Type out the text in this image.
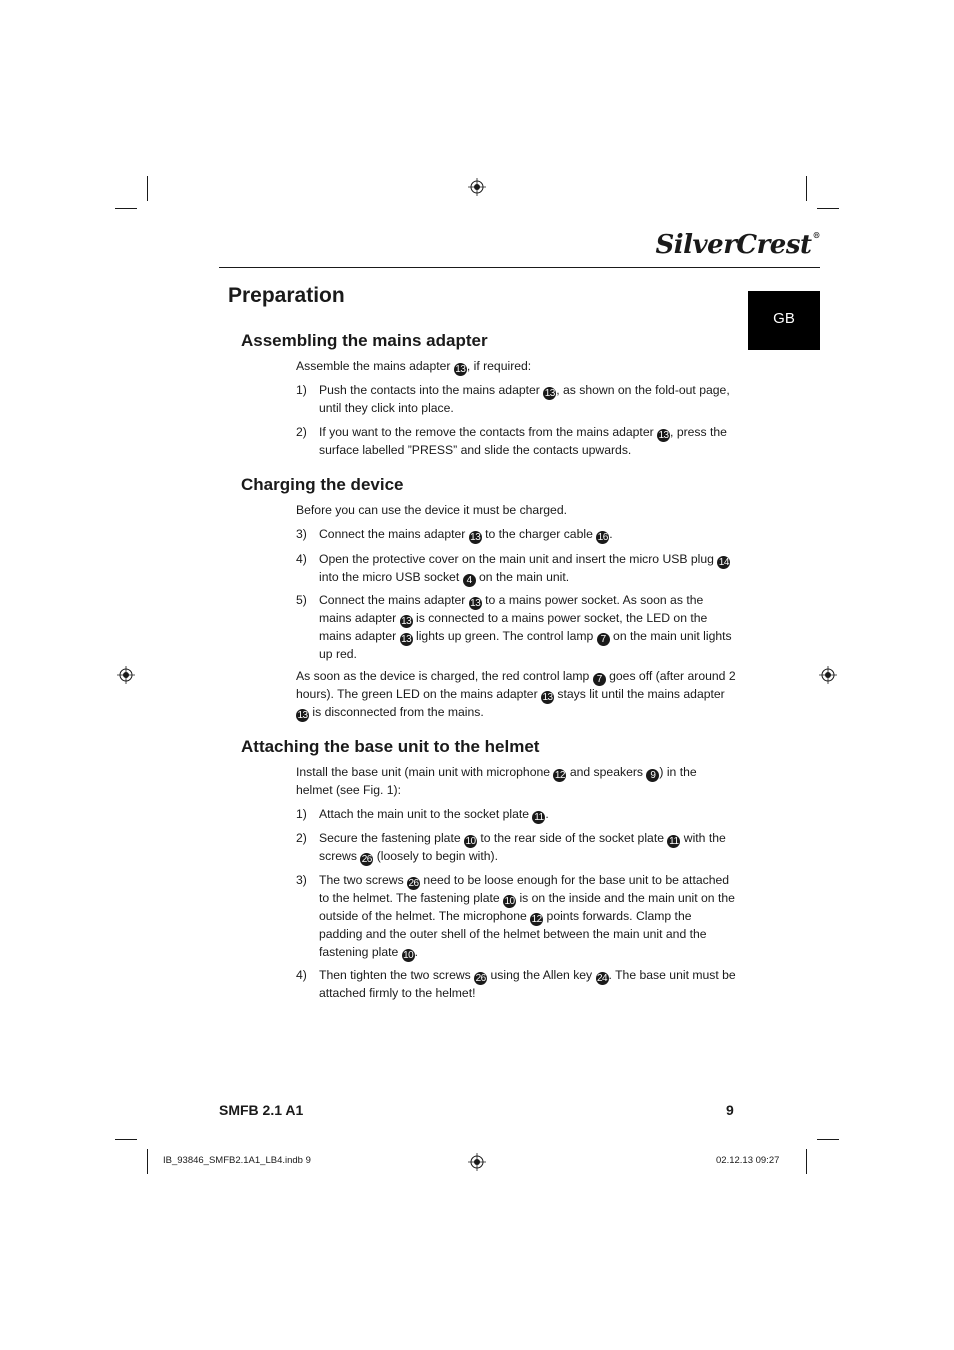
SilverCrest®
GB
Preparation
Assembling the mains adapter
Assemble the mains adapter 13, if required:
1) Push the contacts into the mains adapter 13, as shown on the fold-out page, until they click into place.
2) If you want to the remove the contacts from the mains adapter 13, press the surface labelled ”PRESS” and slide the contacts upwards.
Charging the device
Before you can use the device it must be charged.
3) Connect the mains adapter 13 to the charger cable 16.
4) Open the protective cover on the main unit and insert the micro USB plug 14 into the micro USB socket 4 on the main unit.
5) Connect the mains adapter 13 to a mains power socket. As soon as the mains adapter 13 is connected to a mains power socket, the LED on the mains adapter 13 lights up green. The control lamp 7 on the main unit lights up red.
As soon as the device is charged, the red control lamp 7 goes off (after around 2 hours). The green LED on the mains adapter 13 stays lit until the mains adapter 13 is disconnected from the mains.
Attaching the base unit to the helmet
Install the base unit (main unit with microphone 12 and speakers 9 ) in the helmet (see Fig. 1):
1) Attach the main unit to the socket plate 11 .
2) Secure the fastening plate 10 to the rear side of the socket plate 11 with the screws 26 (loosely to begin with).
3) The two screws 26 need to be loose enough for the base unit to be attached to the helmet. The fastening plate 10 is on the inside and the main unit on the outside of the helmet. The microphone 12 points forwards. Clamp the padding and the outer shell of the helmet between the main unit and the fastening plate 10.
4) Then tighten the two screws 26 using the Allen key 24. The base unit must be attached firmly to the helmet!
SMFB 2.1 A1	9
IB_93846_SMFB2.1A1_LB4.indb 9	02.12.13 09:27
